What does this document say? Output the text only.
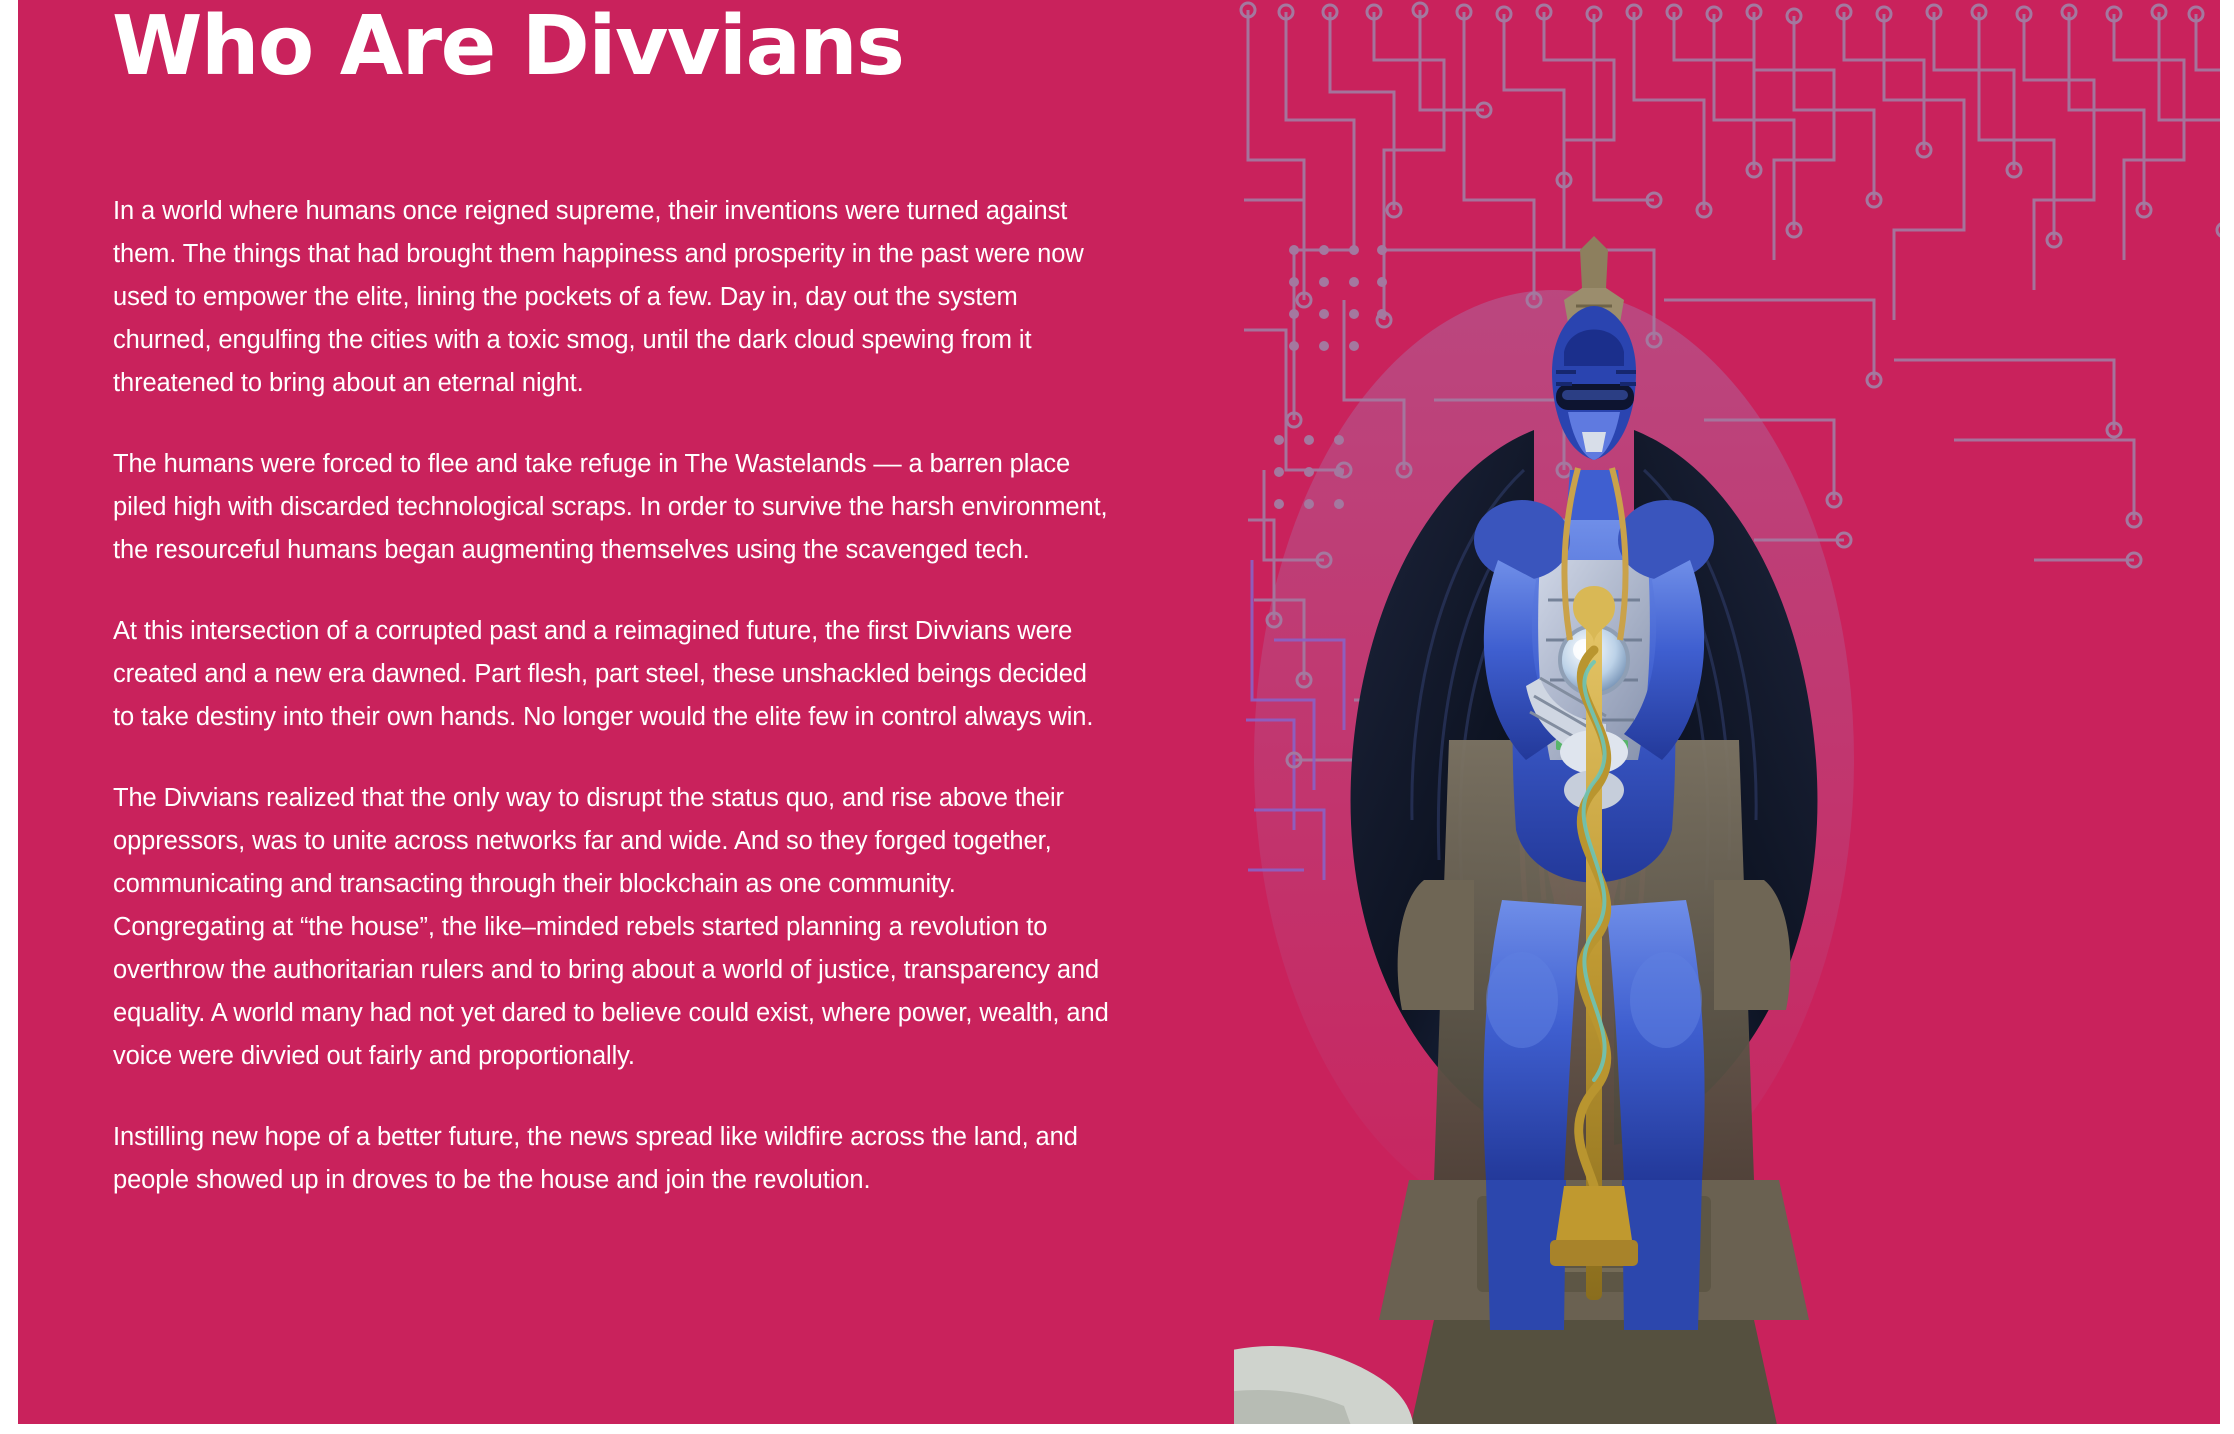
Who Are Divvians

In a world where humans once reigned supreme, their inventions were turned against them. The things that had brought them happiness and prosperity in the past were now used to empower the elite, lining the pockets of a few. Day in, day out the system churned, engulfing the cities with a toxic smog, until the dark cloud spewing from it threatened to bring about an eternal night.

The humans were forced to flee and take refuge in The Wastelands –– a barren place piled high with discarded technological scraps. In order to survive the harsh environment, the resourceful humans began augmenting themselves using the scavenged tech.

At this intersection of a corrupted past and a reimagined future, the first Divvians were created and a new era dawned. Part flesh, part steel, these unshackled beings decided to take destiny into their own hands. No longer would the elite few in control always win.

The Divvians realized that the only way to disrupt the status quo, and rise above their oppressors, was to unite across networks far and wide. And so they forged together, communicating and transacting through their blockchain as one community. Congregating at “the house”, the like–minded rebels started planning a revolution to overthrow the authoritarian rulers and to bring about a world of justice, transparency and equality. A world many had not yet dared to believe could exist, where power, wealth, and voice were divvied out fairly and proportionally.

Instilling new hope of a better future, the news spread like wildfire across the land, and people showed up in droves to be the house and join the revolution.
